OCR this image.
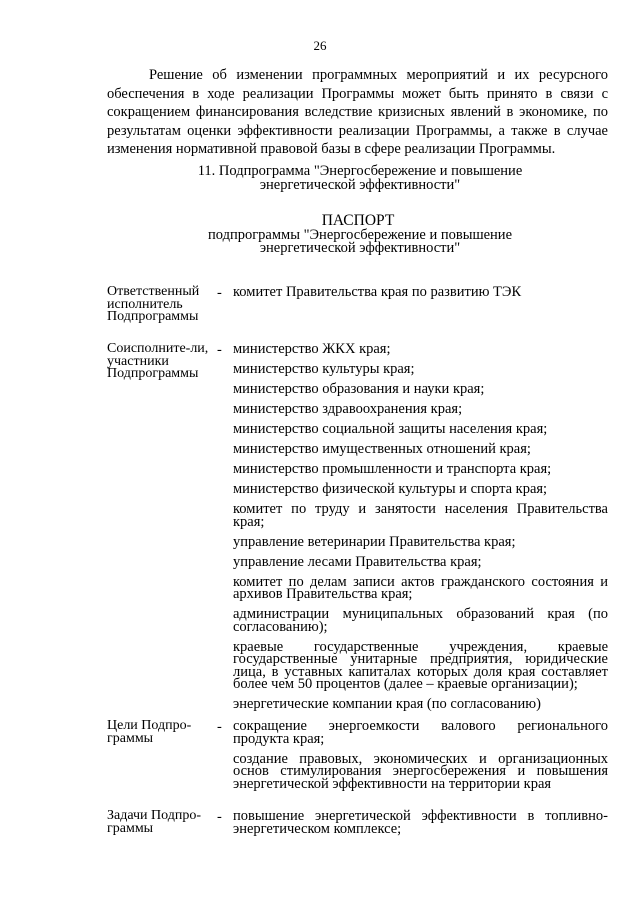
26

Решение об изменении программных мероприятий и их ресурсного обеспечения в ходе реализации Программы может быть принято в связи с сокращением финансирования вследствие кризисных явлений в экономике, по результатам оценки эффективности реализации Программы, а также в случае изменения нормативной правовой базы в сфере реализации Программы.

11. Подпрограмма "Энергосбережение и повышение
энергетической эффективности"
ПАСПОРТ
подпрограммы "Энергосбережение и повышение
энергетической эффективности"
Ответственный исполнитель Подпрограммы
- комитет Правительства края по развитию ТЭК

Соисполните-ли, участники Подпрограммы
- министерство ЖКХ края;

министерство культуры края;

министерство образования и науки края;

министерство здравоохранения края;

министерство социальной защиты населения края;

министерство имущественных отношений края;

министерство промышленности и транспорта края;

министерство физической культуры и спорта края;

комитет по труду и занятости населения Правительства края;

управление ветеринарии Правительства края;

управление лесами Правительства края;

комитет по делам записи актов гражданского состояния и архивов Правительства края;

администрации муниципальных образований края (по согласованию);

краевые государственные учреждения, краевые государственные унитарные предприятия, юридические лица, в уставных капиталах которых доля края составляет более чем 50 процентов (далее – краевые организации);

энергетические компании края (по согласованию)

Цели Подпро-граммы
- сокращение энергоемкости валового регионального продукта края;

создание правовых, экономических и организационных основ стимулирования энергосбережения и повышения энергетической эффективности на территории края

Задачи Подпро-граммы
- повышение энергетической эффективности в топливно-энергетическом комплексе;
